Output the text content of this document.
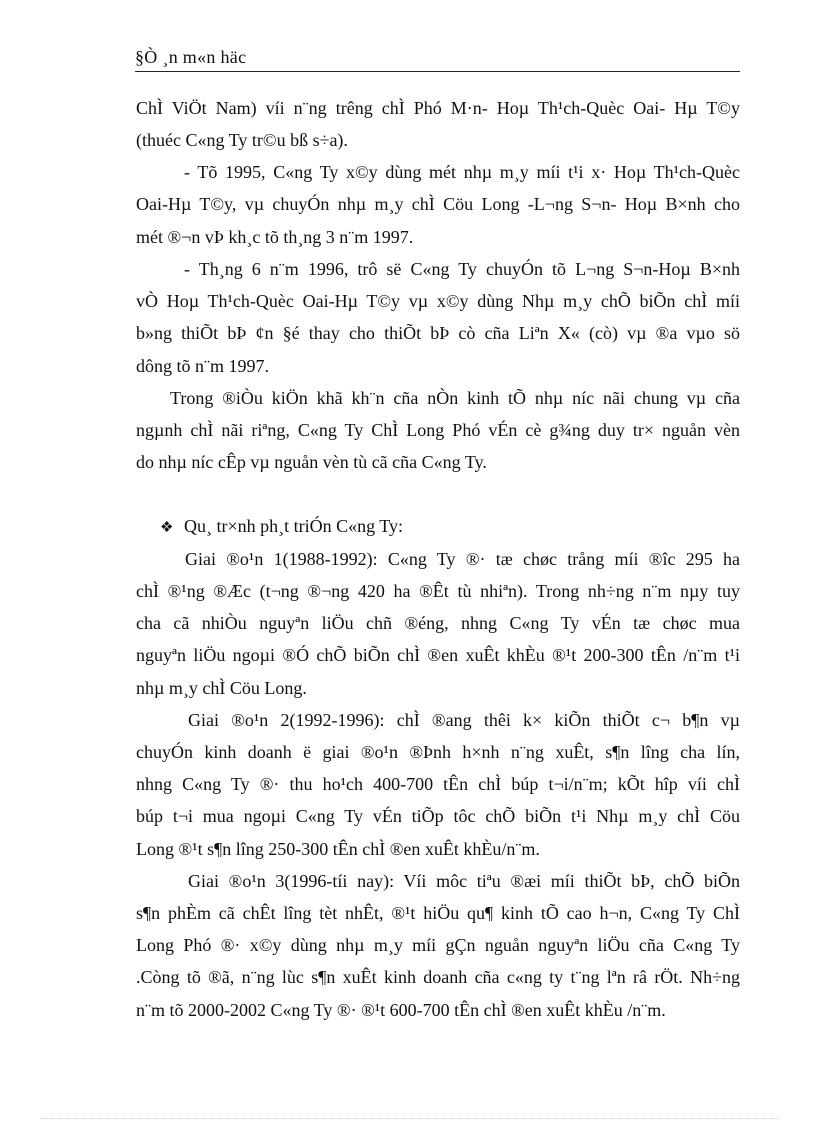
§Ò ¸n m«n häc
ChÌ ViÖt Nam) víi n¨ng trêng chÌ Phó M·n- Hoµ Th¹ch-Quèc Oai- Hµ T©y
(thuéc C«ng Ty tr©u bß s÷a).
- Tõ 1995, C«ng Ty x©y dùng mét nhµ m¸y míi t¹i x· Hoµ Th¹ch-Quèc
Oai-Hµ T©y, vµ chuyÓn nhµ m¸y chÌ Cöu Long -L¬ng S¬n- Hoµ B×nh cho
mét ®¬n vÞ kh¸c tõ th¸ng 3 n¨m 1997.
- Th¸ng 6 n¨m 1996, trô së C«ng Ty chuyÓn tõ L¬ng S¬n-Hoµ B×nh
vÒ Hoµ Th¹ch-Quèc Oai-Hµ T©y vµ x©y dùng Nhµ m¸y chÕ biÕn chÌ míi
b»ng thiÕt bÞ ¢n §é thay cho thiÕt bÞ cò cña Liªn X« (cò) vµ ®a vµo sö
dông tõ n¨m 1997.
Trong ®iÒu kiÖn khã kh¨n cña nÒn kinh tÕ nhµ níc nãi chung vµ cña
ngµnh chÌ nãi riªng, C«ng Ty ChÌ Long Phó vÉn cè g¾ng duy tr× nguån vèn
do nhµ níc cÊp vµ nguån vèn tù cã cña C«ng Ty.
❖ Qu¸ tr×nh ph¸t triÓn C«ng Ty:
Giai ®o¹n 1(1988-1992): C«ng Ty ®· tæ chøc trång míi ®îc 295 ha
chÌ ®¹ng ®Æc (t¬ng ®¬ng 420 ha ®Êt tù nhiªn). Trong nh÷ng n¨m nµy tuy
cha cã nhiÒu nguyªn liÖu chñ ®éng, nhng C«ng Ty vÉn tæ chøc mua
nguyªn liÖu ngoµi ®Ó chÕ biÕn chÌ ®en xuÊt khÈu ®¹t 200-300 tÊn /n¨m t¹i
nhµ m¸y chÌ Cöu Long.
Giai ®o¹n 2(1992-1996): chÌ ®ang thêi k× kiÕn thiÕt c¬ b¶n vµ
chuyÓn kinh doanh ë giai ®o¹n ®Þnh h×nh n¨ng xuÊt, s¶n lîng cha lín,
nhng C«ng Ty ®· thu ho¹ch 400-700 tÊn chÌ búp t¬i/n¨m; kÕt hîp víi chÌ
búp t¬i mua ngoµi C«ng Ty vÉn tiÕp tôc chÕ biÕn t¹i Nhµ m¸y chÌ Cöu
Long ®¹t s¶n lîng 250-300 tÊn chÌ ®en xuÊt khÈu/n¨m.
Giai ®o¹n 3(1996-tíi nay): Víi môc tiªu ®æi míi thiÕt bÞ, chÕ biÕn
s¶n phÈm cã chÊt lîng tèt nhÊt, ®¹t hiÖu qu¶ kinh tÕ cao h¬n, C«ng Ty ChÌ
Long Phó ®· x©y dùng nhµ m¸y míi gÇn nguån nguyªn liÖu cña C«ng Ty
.Còng tõ ®ã, n¨ng lùc s¶n xuÊt kinh doanh cña c«ng ty t¨ng lªn râ rÖt. Nh÷ng
n¨m tõ 2000-2002 C«ng Ty ®· ®¹t 600-700 tÊn chÌ ®en xuÊt khÈu /n¨m.
